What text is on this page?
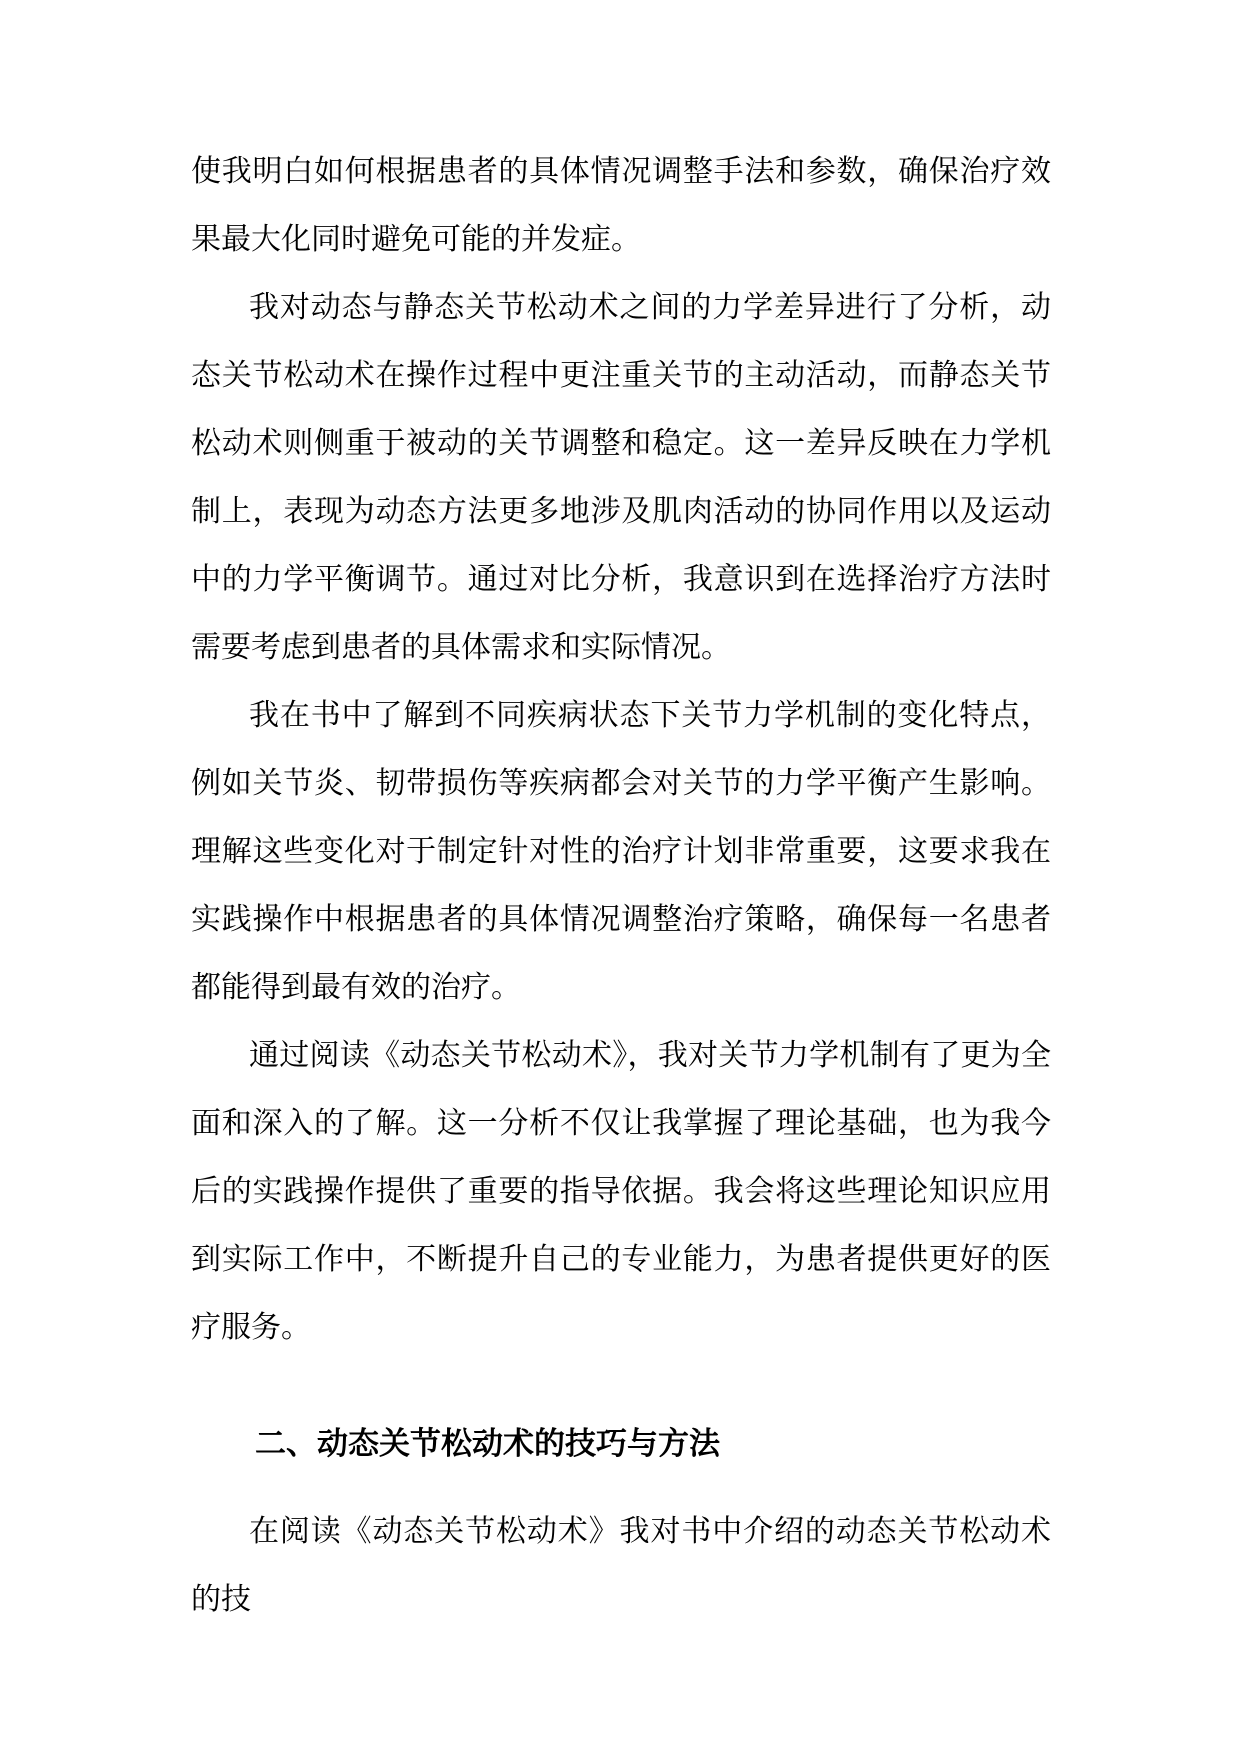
使我明白如何根据患者的具体情况调整手法和参数，确保治疗效果最大化同时避免可能的并发症。

我对动态与静态关节松动术之间的力学差异进行了分析，动态关节松动术在操作过程中更注重关节的主动活动，而静态关节松动术则侧重于被动的关节调整和稳定。这一差异反映在力学机制上，表现为动态方法更多地涉及肌肉活动的协同作用以及运动中的力学平衡调节。通过对比分析，我意识到在选择治疗方法时需要考虑到患者的具体需求和实际情况。

我在书中了解到不同疾病状态下关节力学机制的变化特点，例如关节炎、韧带损伤等疾病都会对关节的力学平衡产生影响。理解这些变化对于制定针对性的治疗计划非常重要，这要求我在实践操作中根据患者的具体情况调整治疗策略，确保每一名患者都能得到最有效的治疗。

通过阅读《动态关节松动术》，我对关节力学机制有了更为全面和深入的了解。这一分析不仅让我掌握了理论基础，也为我今后的实践操作提供了重要的指导依据。我会将这些理论知识应用到实际工作中，不断提升自己的专业能力，为患者提供更好的医疗服务。

二、动态关节松动术的技巧与方法

在阅读《动态关节松动术》我对书中介绍的动态关节松动术的技
